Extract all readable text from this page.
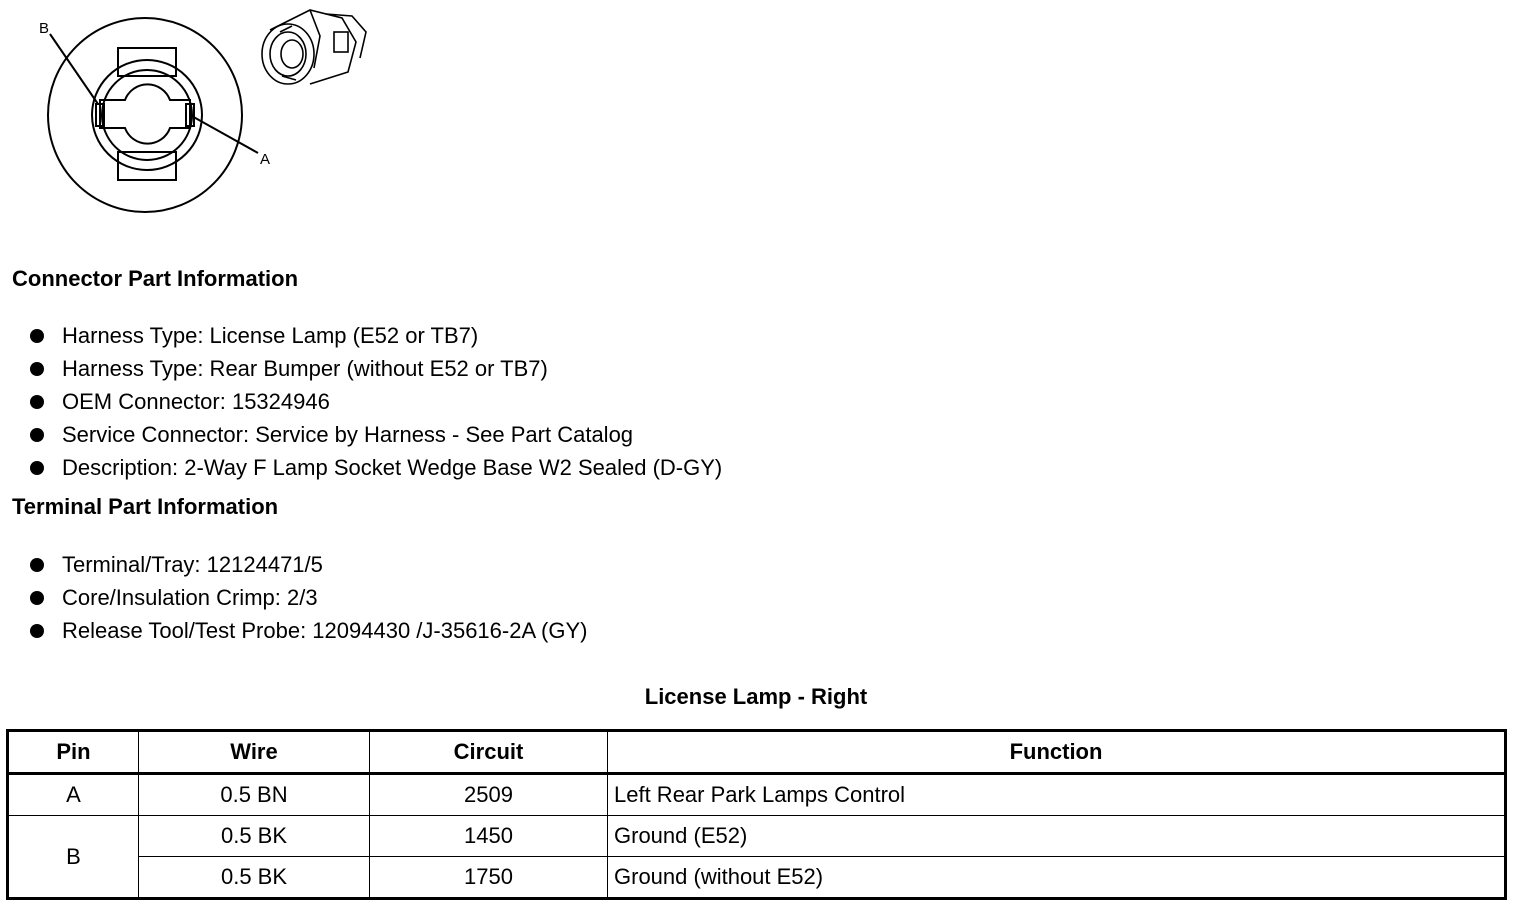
B
A
Connector Part Information
Harness Type: License Lamp (E52 or TB7)
Harness Type: Rear Bumper (without E52 or TB7)
OEM Connector: 15324946
Service Connector: Service by Harness - See Part Catalog
Description: 2-Way F Lamp Socket Wedge Base W2 Sealed (D-GY)
Terminal Part Information
Terminal/Tray: 12124471/5
Core/Insulation Crimp: 2/3
Release Tool/Test Probe: 12094430 /J-35616-2A (GY)
License Lamp - Right
Pin	Wire	Circuit	Function
A	0.5 BN	2509	Left Rear Park Lamps Control
B	0.5 BK	1450	Ground (E52)
	0.5 BK	1750	Ground (without E52)
